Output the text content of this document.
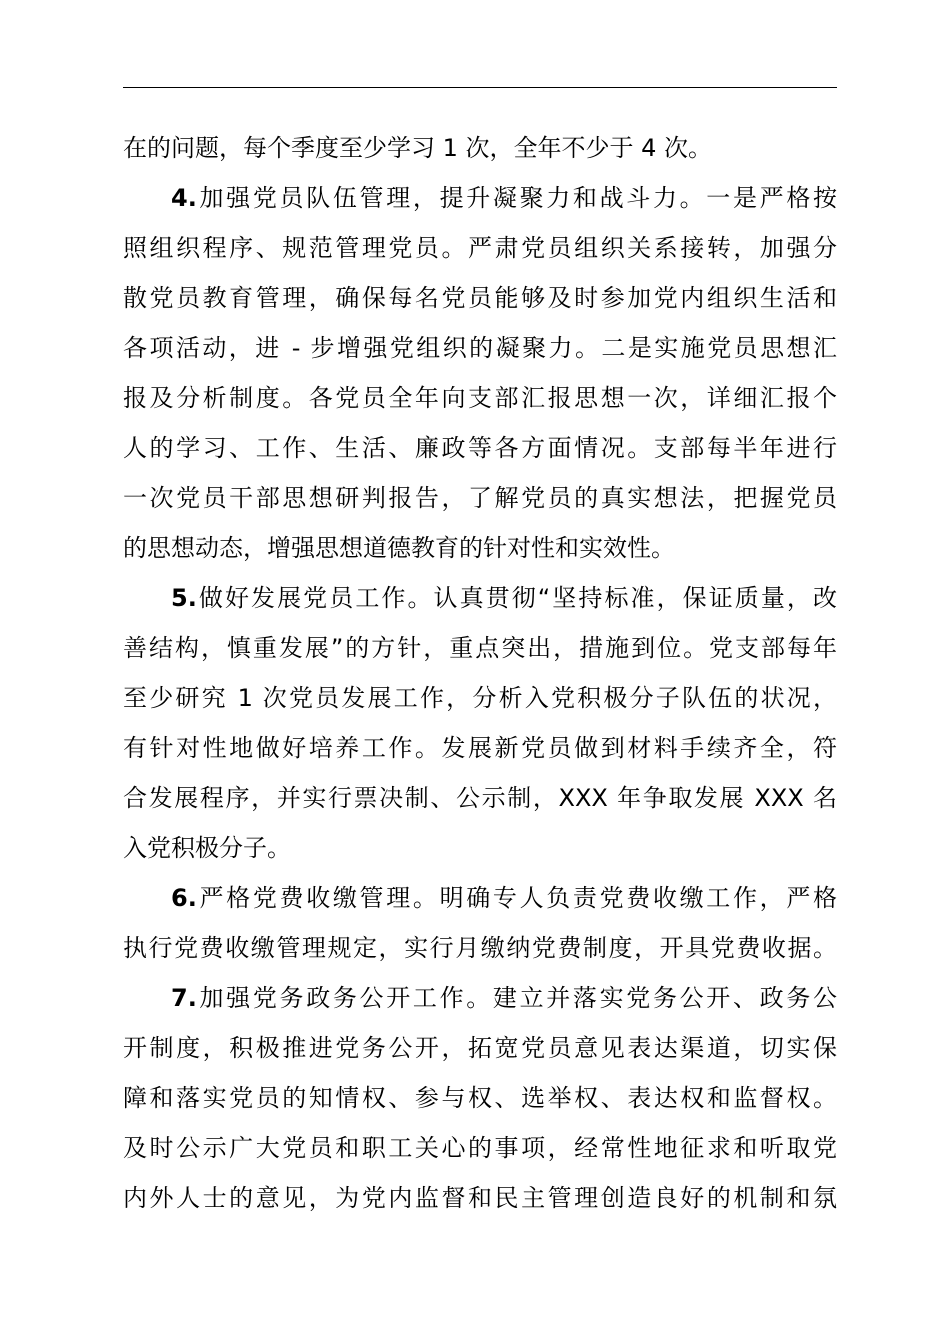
在的问题，每个季度至少学习 1 次，全年不少于 4 次。
4.加强党员队伍管理，提升凝聚力和战斗力。一是严格按
照组织程序、规范管理党员。严肃党员组织关系接转，加强分
散党员教育管理，确保每名党员能够及时参加党内组织生活和
各项活动，进 - 步增强党组织的凝聚力。二是实施党员思想汇
报及分析制度。各党员全年向支部汇报思想一次，详细汇报个
人的学习、工作、生活、廉政等各方面情况。支部每半年进行
一次党员干部思想研判报告，了解党员的真实想法，把握党员
的思想动态，增强思想道德教育的针对性和实效性。
5.做好发展党员工作。认真贯彻“坚持标准，保证质量，改
善结构，慎重发展”的方针，重点突出，措施到位。党支部每年
至少研究 1 次党员发展工作，分析入党积极分子队伍的状况，
有针对性地做好培养工作。发展新党员做到材料手续齐全，符
合发展程序，并实行票决制、公示制，XXX 年争取发展 XXX 名
入党积极分子。
6.严格党费收缴管理。明确专人负责党费收缴工作，严格
执行党费收缴管理规定，实行月缴纳党费制度，开具党费收据。
7.加强党务政务公开工作。建立并落实党务公开、政务公
开制度，积极推进党务公开，拓宽党员意见表达渠道，切实保
障和落实党员的知情权、参与权、选举权、表达权和监督权。
及时公示广大党员和职工关心的事项，经常性地征求和听取党
内外人士的意见，为党内监督和民主管理创造良好的机制和氛
